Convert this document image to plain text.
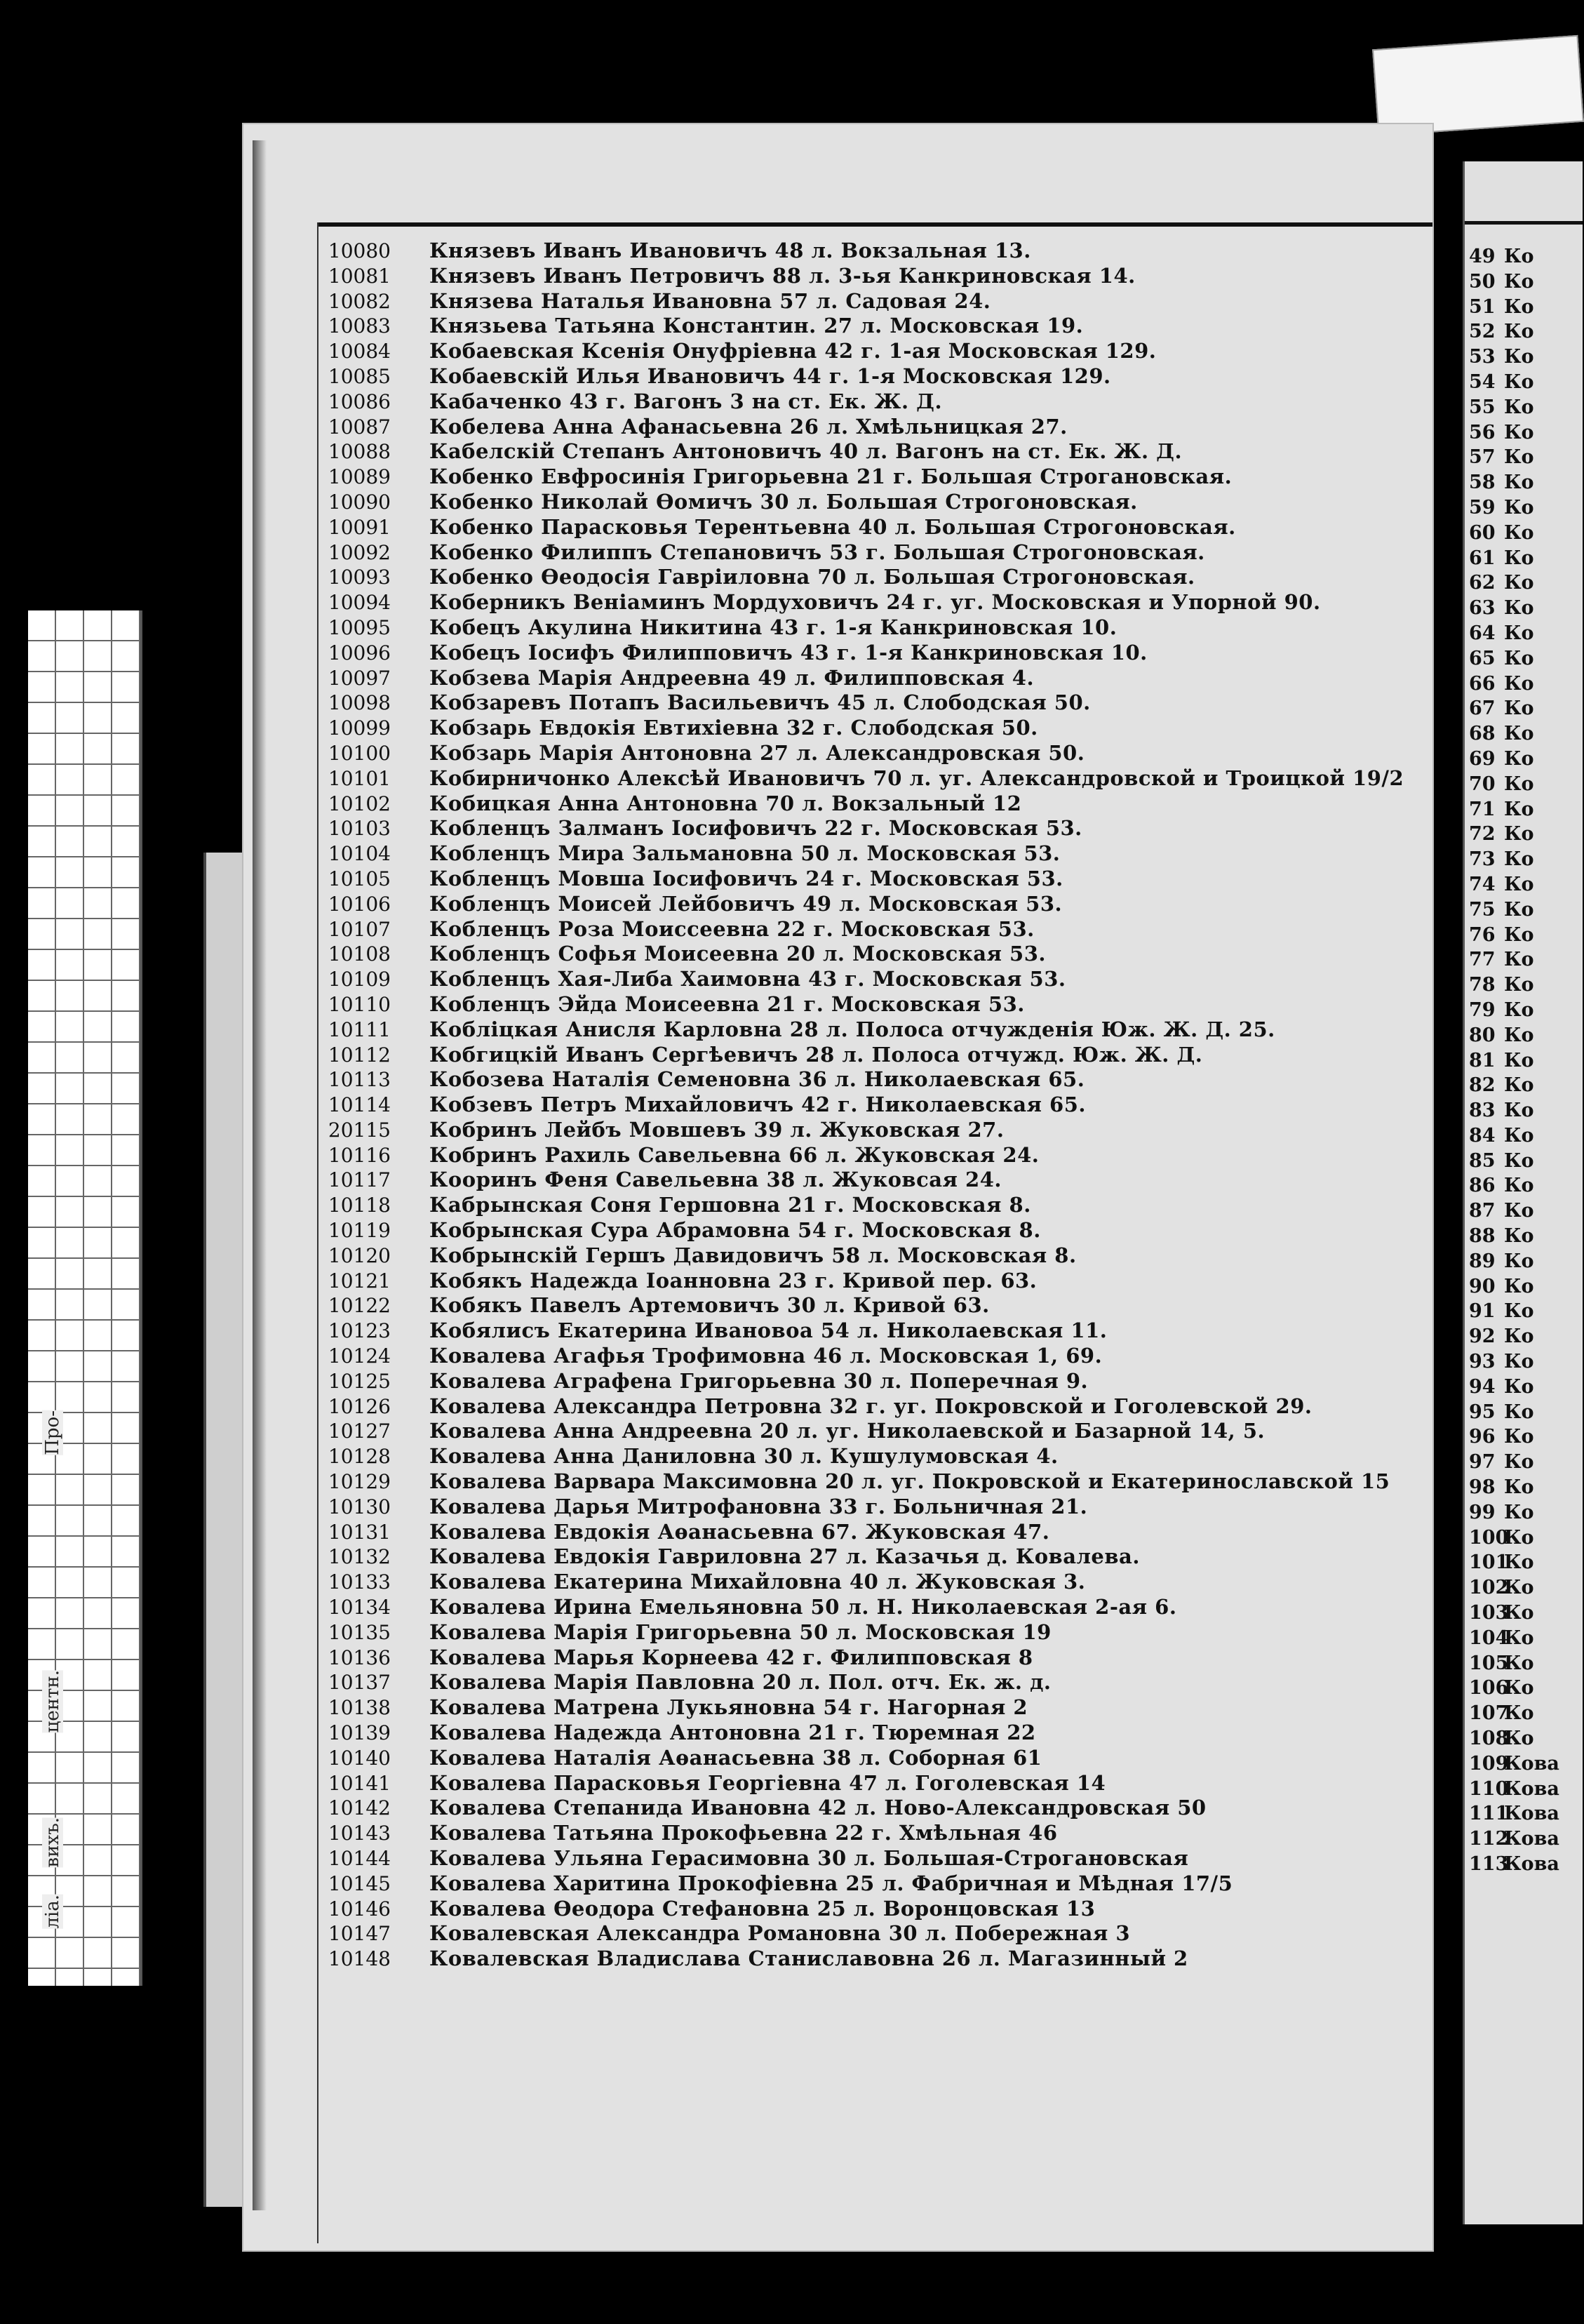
Про-
центн.
вихъ.
ліа.
49
50
51
52
53
54
55
56
57
58
59
60
61
62
63
64
65
66
67
68
69
70
71
72
73
74
75
76
77
78
79
80
81
82
83
84
85
86
87
88
89
90
91
92
93
94
95
96
97
98
99
100
101
102
103
104
105
106
107
108
109
110
111
112
113
Ко
Ко
Ко
Ко
Ко
Ко
Ко
Ко
Ко
Ко
Ко
Ко
Ко
Ко
Ко
Ко
Ко
Ко
Ко
Ко
Ко
Ко
Ко
Ко
Ко
Ко
Ко
Ко
Ко
Ко
Ко
Ко
Ко
Ко
Ко
Ко
Ко
Ко
Ко
Ко
Ко
Ко
Ко
Ко
Ко
Ко
Ко
Ко
Ко
Ко
Ко
Ко
Ко
Ко
Ко
Ко
Ко
Ко
Ко
Ко
Кова
Кова
Кова
Кова
Кова
10080
10081
10082
10083
10084
10085
10086
10087
10088
10089
10090
10091
10092
10093
10094
10095
10096
10097
10098
10099
10100
10101
10102
10103
10104
10105
10106
10107
10108
10109
10110
10111
10112
10113
10114
20115
10116
10117
10118
10119
10120
10121
10122
10123
10124
10125
10126
10127
10128
10129
10130
10131
10132
10133
10134
10135
10136
10137
10138
10139
10140
10141
10142
10143
10144
10145
10146
10147
10148
Князевъ Иванъ Ивановичъ 48 л. Вокзальная 13.
Князевъ Иванъ Петровичъ 88 л. 3-ья Канкриновская 14.
Князева Наталья Ивановна 57 л. Садовая 24.
Князьева Татьяна Константин. 27 л. Московская 19.
Кобаевская Ксенія Онуфріевна 42 г. 1-ая Московская 129.
Кобаевскій Илья Ивановичъ 44 г. 1-я Московская 129.
Кабаченко 43 г. Вагонъ 3 на ст. Ек. Ж. Д.
Кобелева Анна Афанасьевна 26 л. Хмѣльницкая 27.
Кабелскій Степанъ Антоновичъ 40 л. Вагонъ на ст. Ек. Ж. Д.
Кобенко Евфросинія Григорьевна 21 г. Большая Строгановская.
Кобенко Николай Ѳомичъ 30 л. Большая Строгоновская.
Кобенко Парасковья Терентьевна 40 л. Большая Строгоновская.
Кобенко Филиппъ Степановичъ 53 г. Большая Строгоновская.
Кобенко Ѳеодосія Гавріиловна 70 л. Большая Строгоновская.
Коберникъ Веніаминъ Мордуховичъ 24 г. уг. Московская и Упорной 90.
Кобецъ Акулина Никитина 43 г. 1-я Канкриновская 10.
Кобецъ Іосифъ Филипповичъ 43 г. 1-я Канкриновская 10.
Кобзева Марія Андреевна 49 л. Филипповская 4.
Кобзаревъ Потапъ Васильевичъ 45 л. Слободская 50.
Кобзарь Евдокія Евтихіевна 32 г. Слободская 50.
Кобзарь Марія Антоновна 27 л. Александровская 50.
Кобирничонко Алексѣй Ивановичъ 70 л. уг. Александровской и Троицкой 19/2
Кобицкая Анна Антоновна 70 л. Вокзальный 12
Кобленцъ Залманъ Іосифовичъ 22 г. Московская 53.
Кобленцъ Мира Зальмановна 50 л. Московская 53.
Кобленцъ Мовша Іосифовичъ 24 г. Московская 53.
Кобленцъ Моисей Лейбовичъ 49 л. Московская 53.
Кобленцъ Роза Моиссеевна 22 г. Московская 53.
Кобленцъ Софья Моисеевна 20 л. Московская 53.
Кобленцъ Хая-Либа Хаимовна 43 г. Московская 53.
Кобленцъ Эйда Моисеевна 21 г. Московская 53.
Кобліцкая Анисля Карловна 28 л. Полоса отчужденія Юж. Ж. Д. 25.
Кобгицкій Иванъ Сергѣевичъ 28 л. Полоса отчужд. Юж. Ж. Д.
Кобозева Наталія Семеновна 36 л. Николаевская 65.
Кобзевъ Петръ Михайловичъ 42 г. Николаевская 65.
Кобринъ Лейбъ Мовшевъ 39 л. Жуковская 27.
Кобринъ Рахиль Савельевна 66 л. Жуковская 24.
Кооринъ Феня Савельевна 38 л. Жуковсая 24.
Кабрынская Соня Гершовна 21 г. Московская 8.
Кобрынская Сура Абрамовна 54 г. Московская 8.
Кобрынскій Гершъ Давидовичъ 58 л. Московская 8.
Кобякъ Надежда Іоанновна 23 г. Кривой пер. 63.
Кобякъ Павелъ Артемовичъ 30 л. Кривой 63.
Кобялисъ Екатерина Ивановоа 54 л. Николаевская 11.
Ковалева Агафья Трофимовна 46 л. Московская 1, 69.
Ковалева Аграфена Григорьевна 30 л. Поперечная 9.
Ковалева Александра Петровна 32 г. уг. Покровской и Гоголевской 29.
Ковалева Анна Андреевна 20 л. уг. Николаевской и Базарной 14, 5.
Ковалева Анна Даниловна 30 л. Кушулумовская 4.
Ковалева Варвара Максимовна 20 л. уг. Покровской и Екатеринославской 15
Ковалева Дарья Митрофановна 33 г. Больничная 21.
Ковалева Евдокія Аѳанасьевна 67. Жуковская 47.
Ковалева Евдокія Гавриловна 27 л. Казачья д. Ковалева.
Ковалева Екатерина Михайловна 40 л. Жуковская 3.
Ковалева Ирина Емельяновна 50 л. Н. Николаевская 2-ая 6.
Ковалева Марія Григорьевна 50 л. Московская 19
Ковалева Марья Корнеева 42 г. Филипповская 8
Ковалева Марія Павловна 20 л. Пол. отч. Ек. ж. д.
Ковалева Матрена Лукьяновна 54 г. Нагорная 2
Ковалева Надежда Антоновна 21 г. Тюремная 22
Ковалева Наталія Аѳанасьевна 38 л. Соборная 61
Ковалева Парасковья Георгіевна 47 л. Гоголевская 14
Ковалева Степанида Ивановна 42 л. Ново-Александровская 50
Ковалева Татьяна Прокофьевна 22 г. Хмѣльная 46
Ковалева Ульяна Герасимовна 30 л. Большая-Строгановская
Ковалева Харитина Прокофіевна 25 л. Фабричная и Мѣдная 17/5
Ковалева Ѳеодора Стефановна 25 л. Воронцовская 13
Ковалевская Александра Романовна 30 л. Побережная 3
Ковалевская Владислава Станиславовна 26 л. Магазинный 2
